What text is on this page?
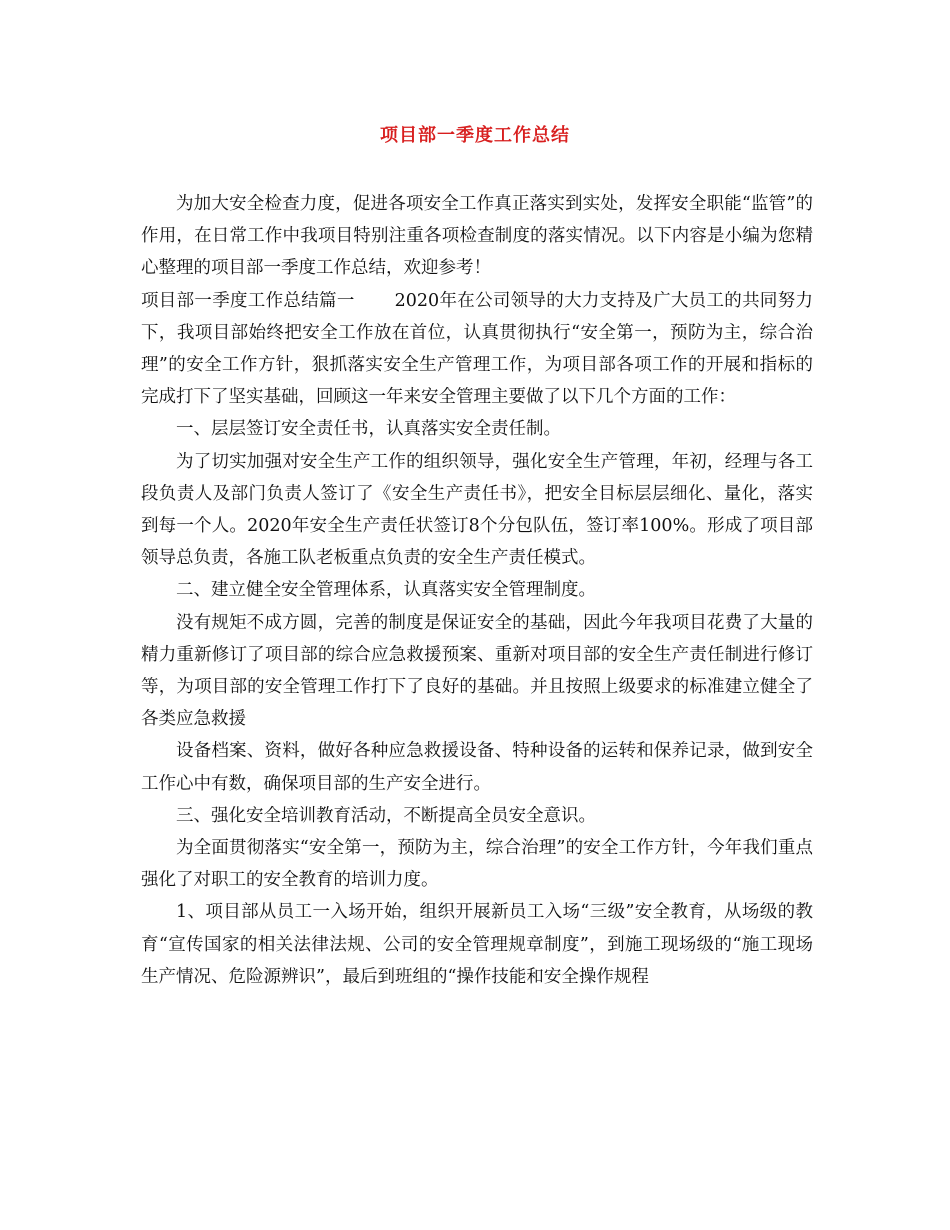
项目部一季度工作总结

为加大安全检查力度，促进各项安全工作真正落实到实处，发挥安全职能“监管”的作用，在日常工作中我项目特别注重各项检查制度的落实情况。以下内容是小编为您精心整理的项目部一季度工作总结，欢迎参考！

项目部一季度工作总结篇一 2020年在公司领导的大力支持及广大员工的共同努力下，我项目部始终把安全工作放在首位，认真贯彻执行“安全第一，预防为主，综合治理”的安全工作方针，狠抓落实安全生产管理工作，为项目部各项工作的开展和指标的完成打下了坚实基础，回顾这一年来安全管理主要做了以下几个方面的工作：

一、层层签订安全责任书，认真落实安全责任制。

为了切实加强对安全生产工作的组织领导，强化安全生产管理，年初，经理与各工段负责人及部门负责人签订了《安全生产责任书》，把安全目标层层细化、量化，落实到每一个人。2020年安全生产责任状签订8个分包队伍，签订率100%。形成了项目部领导总负责，各施工队老板重点负责的安全生产责任模式。

二、建立健全安全管理体系，认真落实安全管理制度。

没有规矩不成方圆，完善的制度是保证安全的基础，因此今年我项目花费了大量的精力重新修订了项目部的综合应急救援预案、重新对项目部的安全生产责任制进行修订等，为项目部的安全管理工作打下了良好的基础。并且按照上级要求的标准建立健全了各类应急救援

设备档案、资料，做好各种应急救援设备、特种设备的运转和保养记录，做到安全工作心中有数，确保项目部的生产安全进行。

三、强化安全培训教育活动，不断提高全员安全意识。

为全面贯彻落实“安全第一，预防为主，综合治理”的安全工作方针，今年我们重点强化了对职工的安全教育的培训力度。

1、项目部从员工一入场开始，组织开展新员工入场“三级”安全教育，从场级的教育“宣传国家的相关法律法规、公司的安全管理规章制度”，到施工现场级的“施工现场生产情况、危险源辨识”，最后到班组的“操作技能和安全操作规程
